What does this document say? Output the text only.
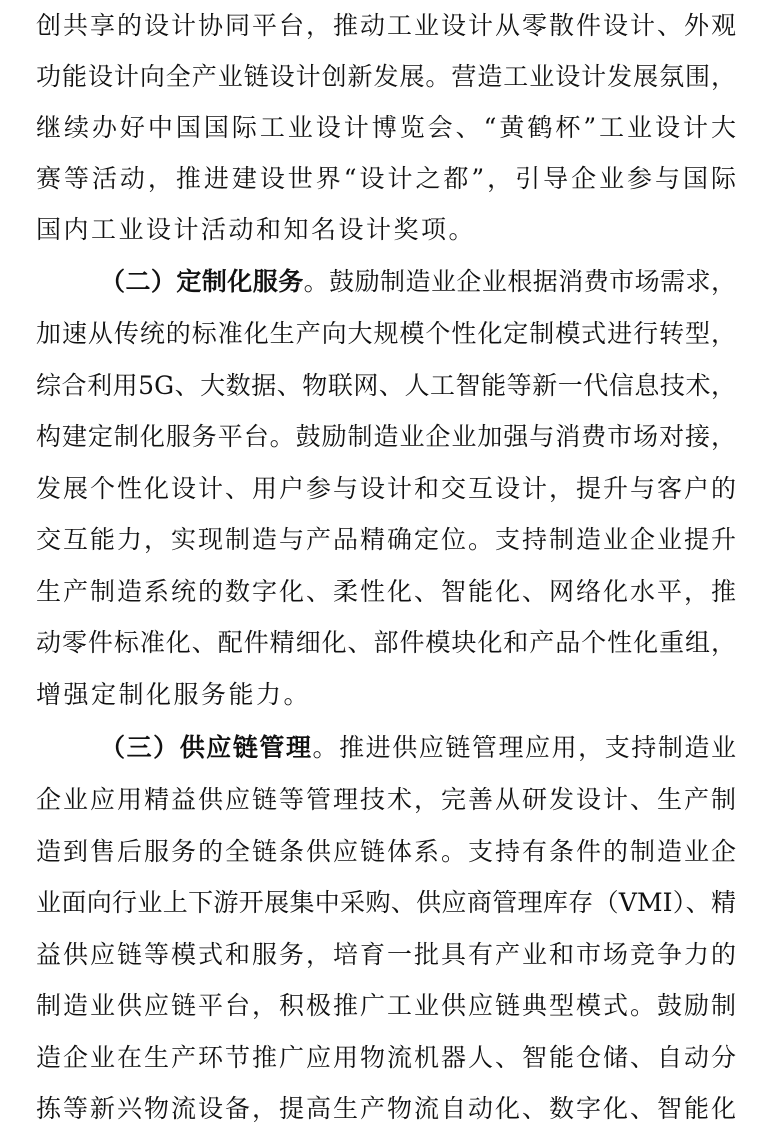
创共享的设计协同平台，推动工业设计从零散件设计、外观
功能设计向全产业链设计创新发展。营造工业设计发展氛围，
继续办好中国国际工业设计博览会、“黄鹤杯”工业设计大
赛等活动，推进建设世界“设计之都”，引导企业参与国际
国内工业设计活动和知名设计奖项。
（二）定制化服务。鼓励制造业企业根据消费市场需求，
加速从传统的标准化生产向大规模个性化定制模式进行转型，
综合利用5G、大数据、物联网、人工智能等新一代信息技术，
构建定制化服务平台。鼓励制造业企业加强与消费市场对接，
发展个性化设计、用户参与设计和交互设计，提升与客户的
交互能力，实现制造与产品精确定位。支持制造业企业提升
生产制造系统的数字化、柔性化、智能化、网络化水平，推
动零件标准化、配件精细化、部件模块化和产品个性化重组，
增强定制化服务能力。
（三）供应链管理。推进供应链管理应用，支持制造业
企业应用精益供应链等管理技术，完善从研发设计、生产制
造到售后服务的全链条供应链体系。支持有条件的制造业企
业面向行业上下游开展集中采购、供应商管理库存（VMI）、精
益供应链等模式和服务，培育一批具有产业和市场竞争力的
制造业供应链平台，积极推广工业供应链典型模式。鼓励制
造企业在生产环节推广应用物流机器人、智能仓储、自动分
拣等新兴物流设备，提高生产物流自动化、数字化、智能化
